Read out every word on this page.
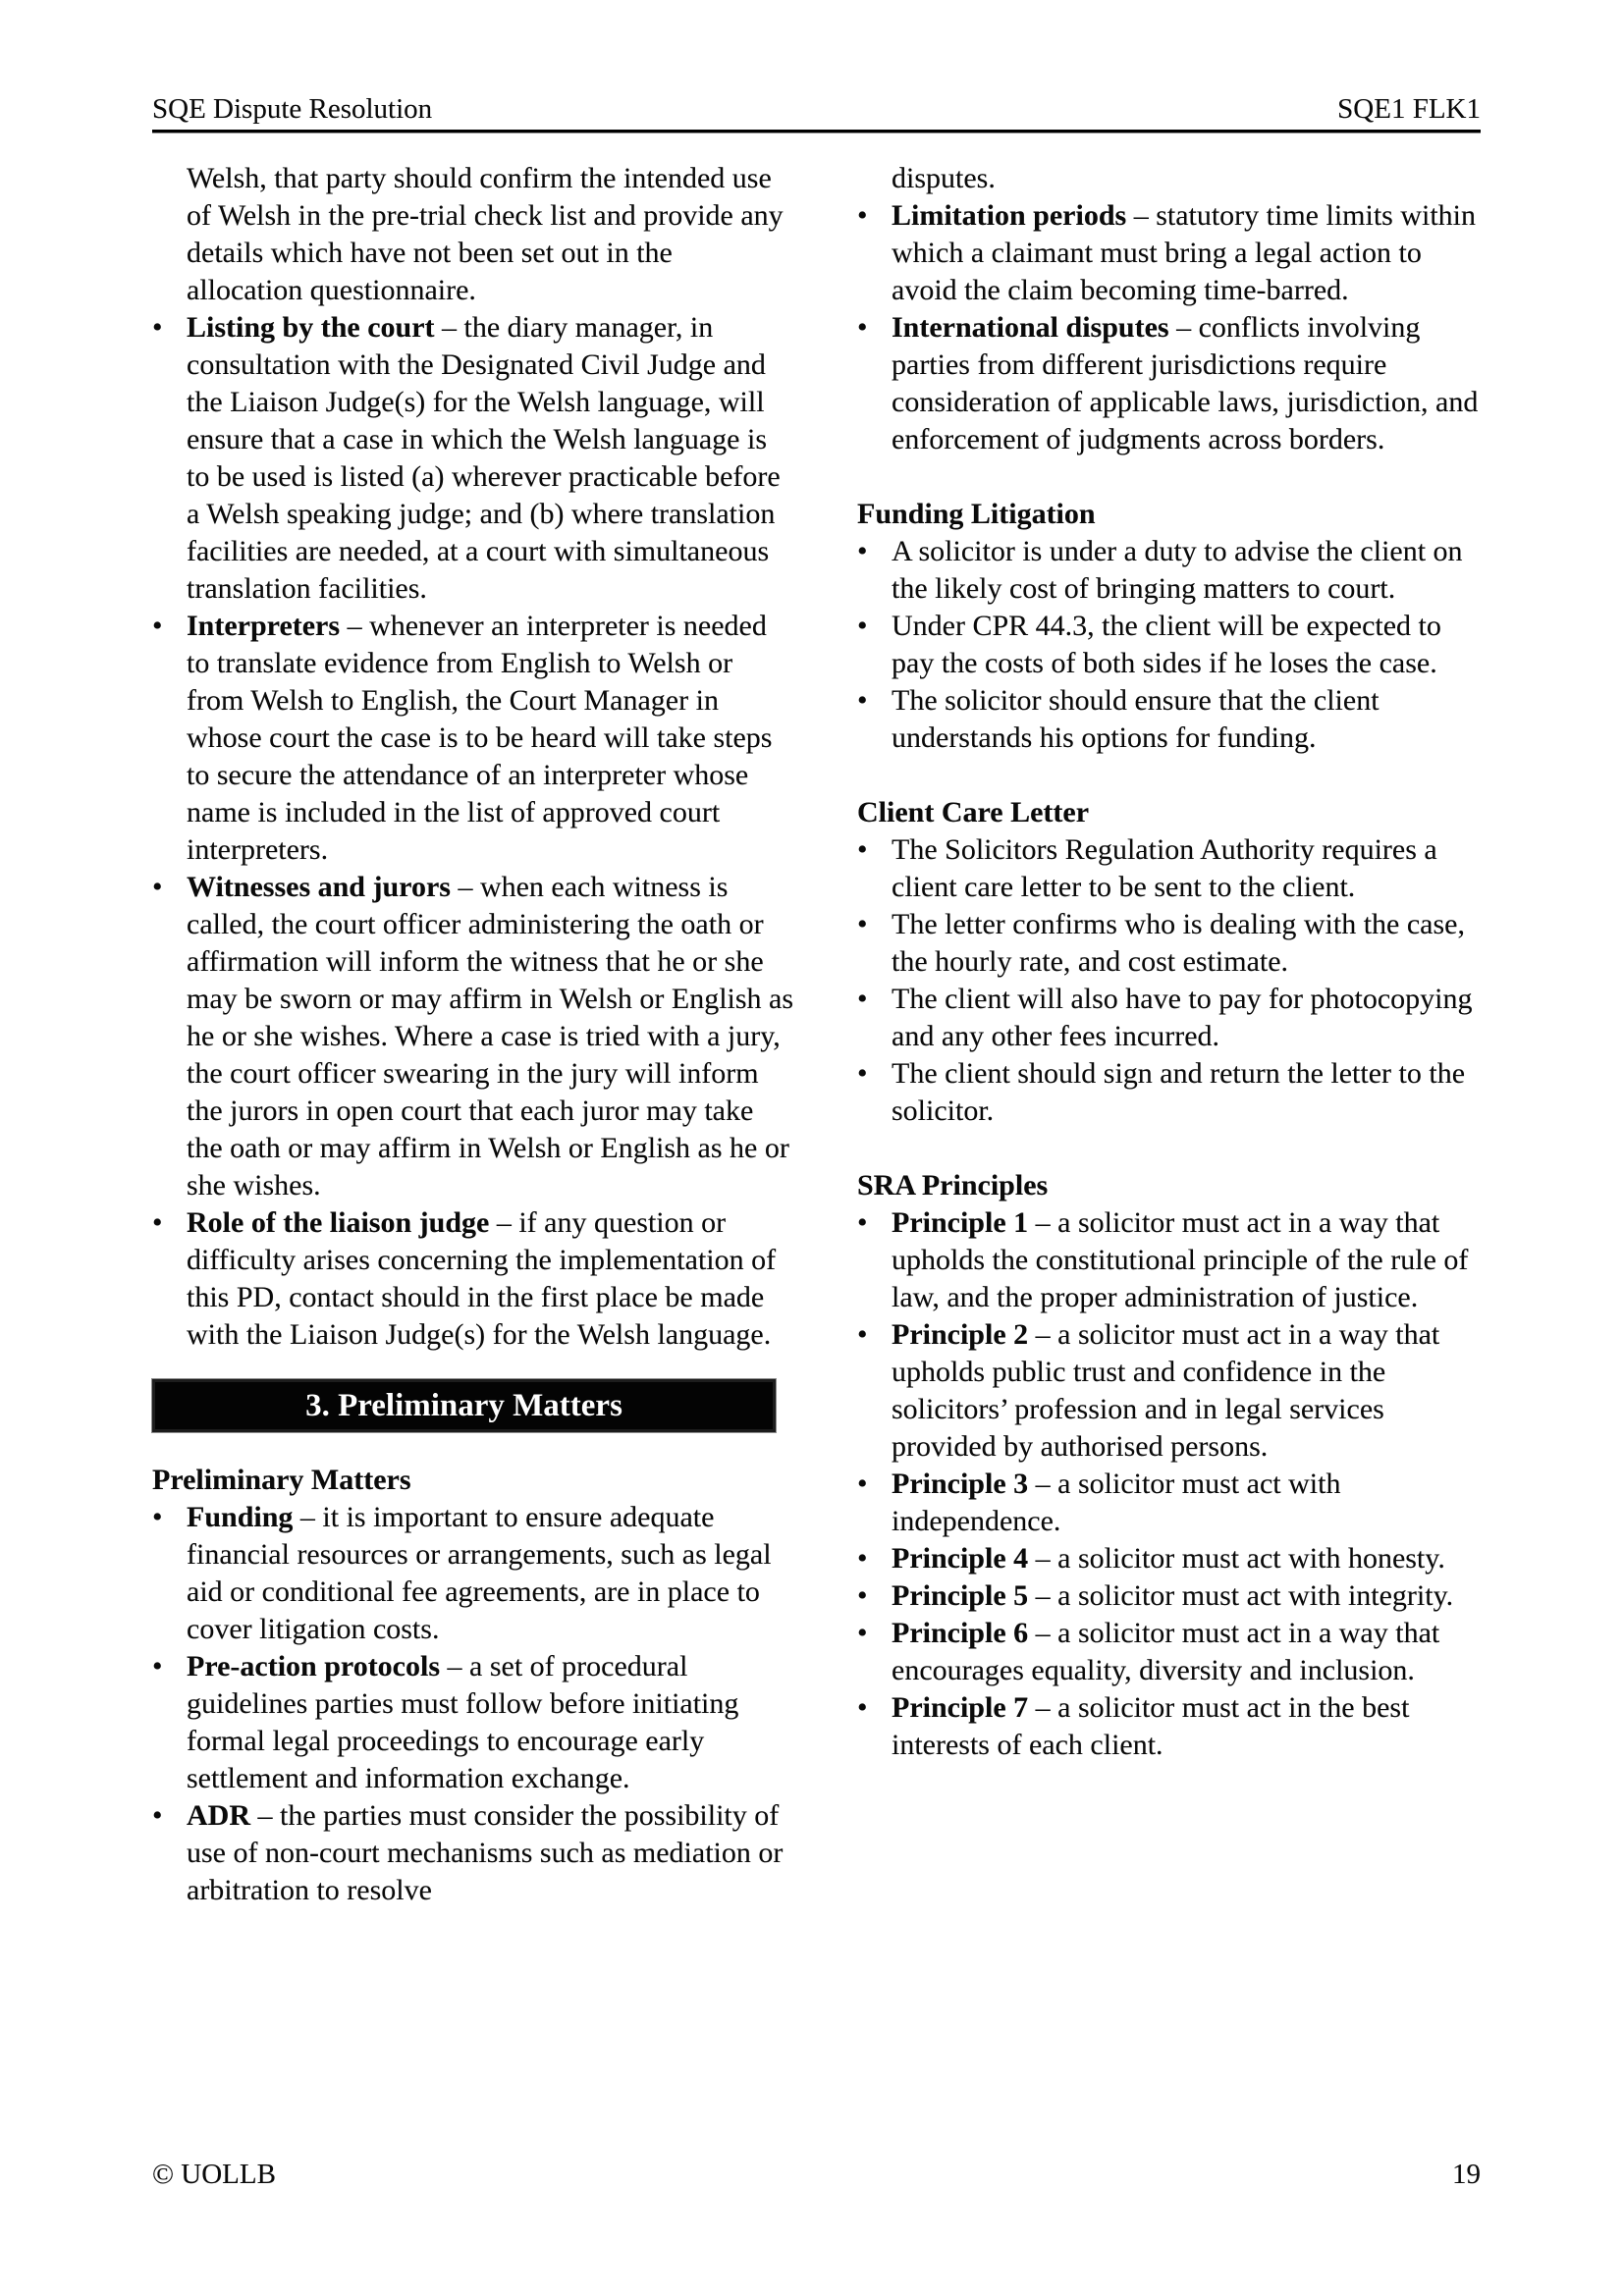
SQE Dispute Resolution	SQE1 FLK1
Welsh, that party should confirm the intended use of Welsh in the pre-trial check list and provide any details which have not been set out in the allocation questionnaire.
•
Listing by the court – the diary manager, in consultation with the Designated Civil Judge and the Liaison Judge(s) for the Welsh language, will ensure that a case in which the Welsh language is to be used is listed (a) wherever practicable before a Welsh speaking judge; and (b) where translation facilities are needed, at a court with simultaneous translation facilities.
•
Interpreters – whenever an interpreter is needed to translate evidence from English to Welsh or from Welsh to English, the Court Manager in whose court the case is to be heard will take steps to secure the attendance of an interpreter whose name is included in the list of approved court interpreters.
•
Witnesses and jurors – when each witness is called, the court officer administering the oath or affirmation will inform the witness that he or she may be sworn or may affirm in Welsh or English as he or she wishes. Where a case is tried with a jury, the court officer swearing in the jury will inform the jurors in open court that each juror may take the oath or may affirm in Welsh or English as he or she wishes.
•
Role of the liaison judge – if any question or difficulty arises concerning the implementation of this PD, contact should in the first place be made with the Liaison Judge(s) for the Welsh language.
3. Preliminary Matters
Preliminary Matters
•
Funding – it is important to ensure adequate financial resources or arrangements, such as legal aid or conditional fee agreements, are in place to cover litigation costs.
•
Pre-action protocols – a set of procedural guidelines parties must follow before initiating formal legal proceedings to encourage early settlement and information exchange.
•
ADR – the parties must consider the possibility of use of non-court mechanisms such as mediation or arbitration to resolve
disputes.
•
Limitation periods – statutory time limits within which a claimant must bring a legal action to avoid the claim becoming time-barred.
•
International disputes – conflicts involving parties from different jurisdictions require consideration of applicable laws, jurisdiction, and enforcement of judgments across borders.
Funding Litigation
•
A solicitor is under a duty to advise the client on the likely cost of bringing matters to court.
•
Under CPR 44.3, the client will be expected to pay the costs of both sides if he loses the case.
•
The solicitor should ensure that the client understands his options for funding.
Client Care Letter
•
The Solicitors Regulation Authority requires a client care letter to be sent to the client.
•
The letter confirms who is dealing with the case, the hourly rate, and cost estimate.
•
The client will also have to pay for photocopying and any other fees incurred.
•
The client should sign and return the letter to the solicitor.
SRA Principles
•
Principle 1 – a solicitor must act in a way that upholds the constitutional principle of the rule of law, and the proper administration of justice.
•
Principle 2 – a solicitor must act in a way that upholds public trust and confidence in the solicitors’ profession and in legal services provided by authorised persons.
•
Principle 3 – a solicitor must act with independence.
•
Principle 4 – a solicitor must act with honesty.
•
Principle 5 – a solicitor must act with integrity.
•
Principle 6 – a solicitor must act in a way that encourages equality, diversity and inclusion.
•
Principle 7 – a solicitor must act in the best interests of each client.
© UOLLB	19
